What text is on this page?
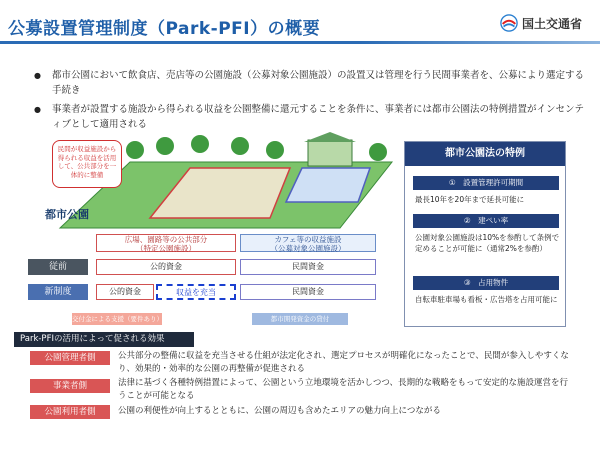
公募設置管理制度（Park-PFI）の概要	国土交通省
● 都市公園において飲食店、売店等の公園施設（公募対象公園施設）の設置又は管理を行う民間事業者を、公募により選定する手続き
● 事業者が設置する施設から得られる収益を公園整備に還元することを条件に、事業者には都市公園法の特例措置がインセンティブとして適用される
民間が収益施設から得られる収益を活用して、公共部分を一体的に整備
都市公園
広場、園路等の公共部分
（特定公園施設）
カフェ等の収益施設
（公募対象公園施設）
従前
新制度
公的資金	民間資金
公的資金	収益を充当	民間資金
交付金による支援（要件あり）	都市開発資金の貸付
都市公園法の特例
①　設置管理許可期間
最長10年を20年まで延長可能に
②　建ぺい率
公園対象公園施設は10%を参酌して条例で定めることが可能に（通常2%を参酌）
③　占用物件
自転車駐車場も看板・広告塔を占用可能に
Park-PFIの活用によって促される効果
公園管理者側	公共部分の整備に収益を充当させる仕組が法定化され、選定プロセスが明確化になったことで、民間が参入しやすくなり、効果的・効率的な公園の再整備が促進される
事業者側	法律に基づく各種特例措置によって、公園という立地環境を活かしつつ、長期的な戦略をもって安定的な施設運営を行うことが可能となる
公園利用者側	公園の利便性が向上するとともに、公園の周辺も含めたエリアの魅力向上につながる
